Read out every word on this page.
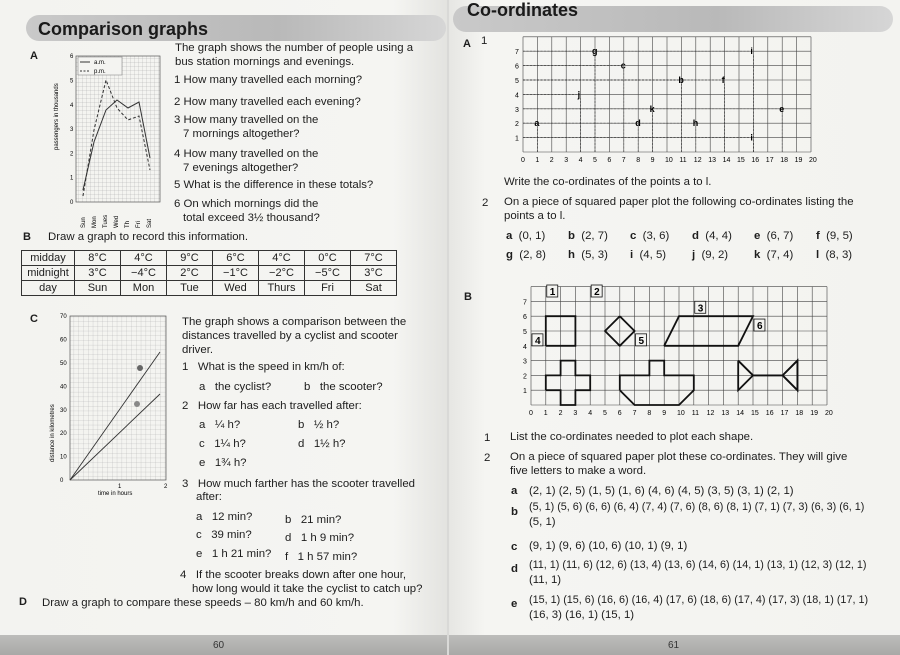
Comparison graphs
A
0
1
2
3
4
5
6
passengers in thousands
a.m.
p.m.
Sun Mon Tues Wed Th Fri Sat
The graph shows the number of people using a
bus station mornings and evenings.
1 How many travelled each morning?
2 How many travelled each evening?
3 How many travelled on the
7 mornings altogether?
4 How many travelled on the
7 evenings altogether?
5 What is the difference in these totals?
6 On which mornings did the
total exceed 3½ thousand?
B Draw a graph to record this information.
midday	8°C	4°C	9°C	6°C	4°C	0°C	7°C
midnight	3°C	−4°C	2°C	−1°C	−2°C	−5°C	3°C
day	Sun	Mon	Tue	Wed	Thurs	Fri	Sat
C
0
10
20
30
40
50
60
70
distance in kilometres
1	2
time in hours
The graph shows a comparison between the
distances travelled by a cyclist and scooter
driver.
1   What is the speed in km/h of:
a the cyclist?	b the scooter?
2   How far has each travelled after:
a ¼ h?	b ½ h?
c 1¼ h?	d 1½ h?
e 1¾ h?
3   How much farther has the scooter travelled
after:
a 12 min?	b 21 min?
c 39 min?	d 1 h 9 min?
e 1 h 21 min? f 1 h 57 min?
4   If the scooter breaks down after one hour,
how long would it take the cyclist to catch up?
D Draw a graph to compare these speeds – 80 km/h and 60 km/h.
60
Co-ordinates
A 1
0 1 2 3 4 5 6 7 8 9 10 11 12 13 14 15 16 17 18 19 20
1
2
3
4
5
6
7
a
b
c
d
e
f
g
h
i
i
j
k
Write the co-ordinates of the points a to l.
2 On a piece of squared paper plot the following co-ordinates listing the
points a to l.
a  (0, 1) b  (2, 7) c  (3, 6) d  (4, 4) e  (6, 7) f  (9, 5)
g  (2, 8) h  (5, 3) i  (4, 5) j  (9, 2) k  (7, 4) l  (8, 3)
B
0 1 2 3 4 5 6 7 8 9 10 11 12 13 14 15 16 17 18 19 20
1
2
3
4
5
6
7
1	2
3
4	5
6
1 List the co-ordinates needed to plot each shape.
2 On a piece of squared paper plot these co-ordinates. They will give
five letters to make a word.
a (2, 1) (2, 5) (1, 5) (1, 6) (4, 6) (4, 5) (3, 5) (3, 1) (2, 1)
b (5, 1) (5, 6) (6, 6) (6, 4) (7, 4) (7, 6) (8, 6) (8, 1) (7, 1) (7, 3) (6, 3) (6, 1)
(5, 1)
c (9, 1) (9, 6) (10, 6) (10, 1) (9, 1)
d (11, 1) (11, 6) (12, 6) (13, 4) (13, 6) (14, 6) (14, 1) (13, 1) (12, 3) (12, 1)
(11, 1)
e (15, 1) (15, 6) (16, 6) (16, 4) (17, 6) (18, 6) (17, 4) (17, 3) (18, 1) (17, 1)
(16, 3) (16, 1) (15, 1)
61
